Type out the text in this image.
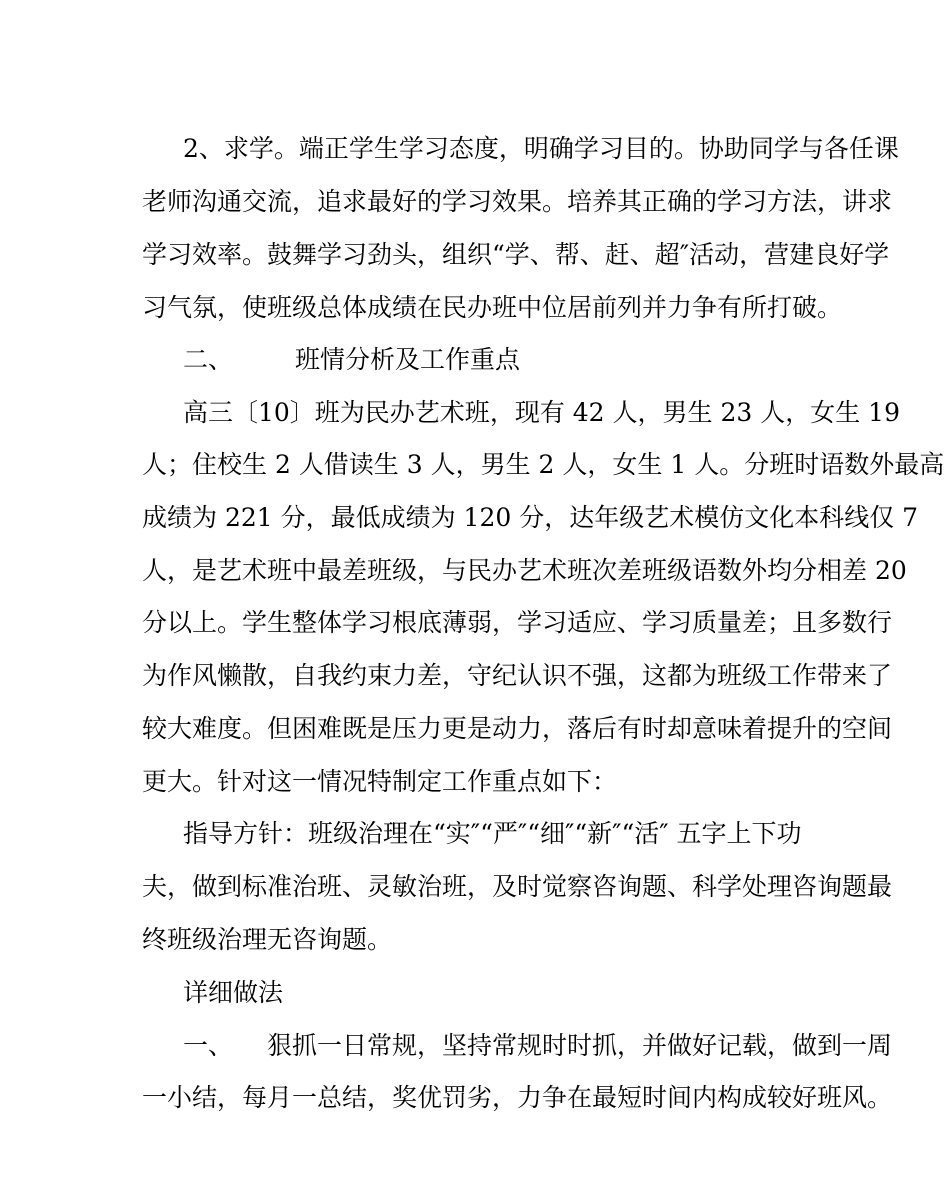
2、求学。端正学生学习态度，明确学习目的。协助同学与各任课
老师沟通交流，追求最好的学习效果。培养其正确的学习方法，讲求
学习效率。鼓舞学习劲头，组织“学、帮、赶、超″活动，营建良好学
习气氛，使班级总体成绩在民办班中位居前列并力争有所打破。
二、 班情分析及工作重点
高三〔10〕班为民办艺术班，现有 42 人，男生 23 人，女生 19
人；住校生 2 人借读生 3 人，男生 2 人，女生 1 人。分班时语数外最高
成绩为 221 分，最低成绩为 120 分，达年级艺术模仿文化本科线仅 7
人，是艺术班中最差班级，与民办艺术班次差班级语数外均分相差 20
分以上。学生整体学习根底薄弱，学习适应、学习质量差；且多数行
为作风懒散，自我约束力差，守纪认识不强，这都为班级工作带来了
较大难度。但困难既是压力更是动力，落后有时却意味着提升的空间
更大。针对这一情况特制定工作重点如下：
指导方针：班级治理在“实″“严″“细″“新″“活″ 五字上下功
夫，做到标准治班、灵敏治班，及时觉察咨询题、科学处理咨询题最
终班级治理无咨询题。
详细做法
一、 狠抓一日常规，坚持常规时时抓，并做好记载，做到一周
一小结，每月一总结，奖优罚劣，力争在最短时间内构成较好班风。
